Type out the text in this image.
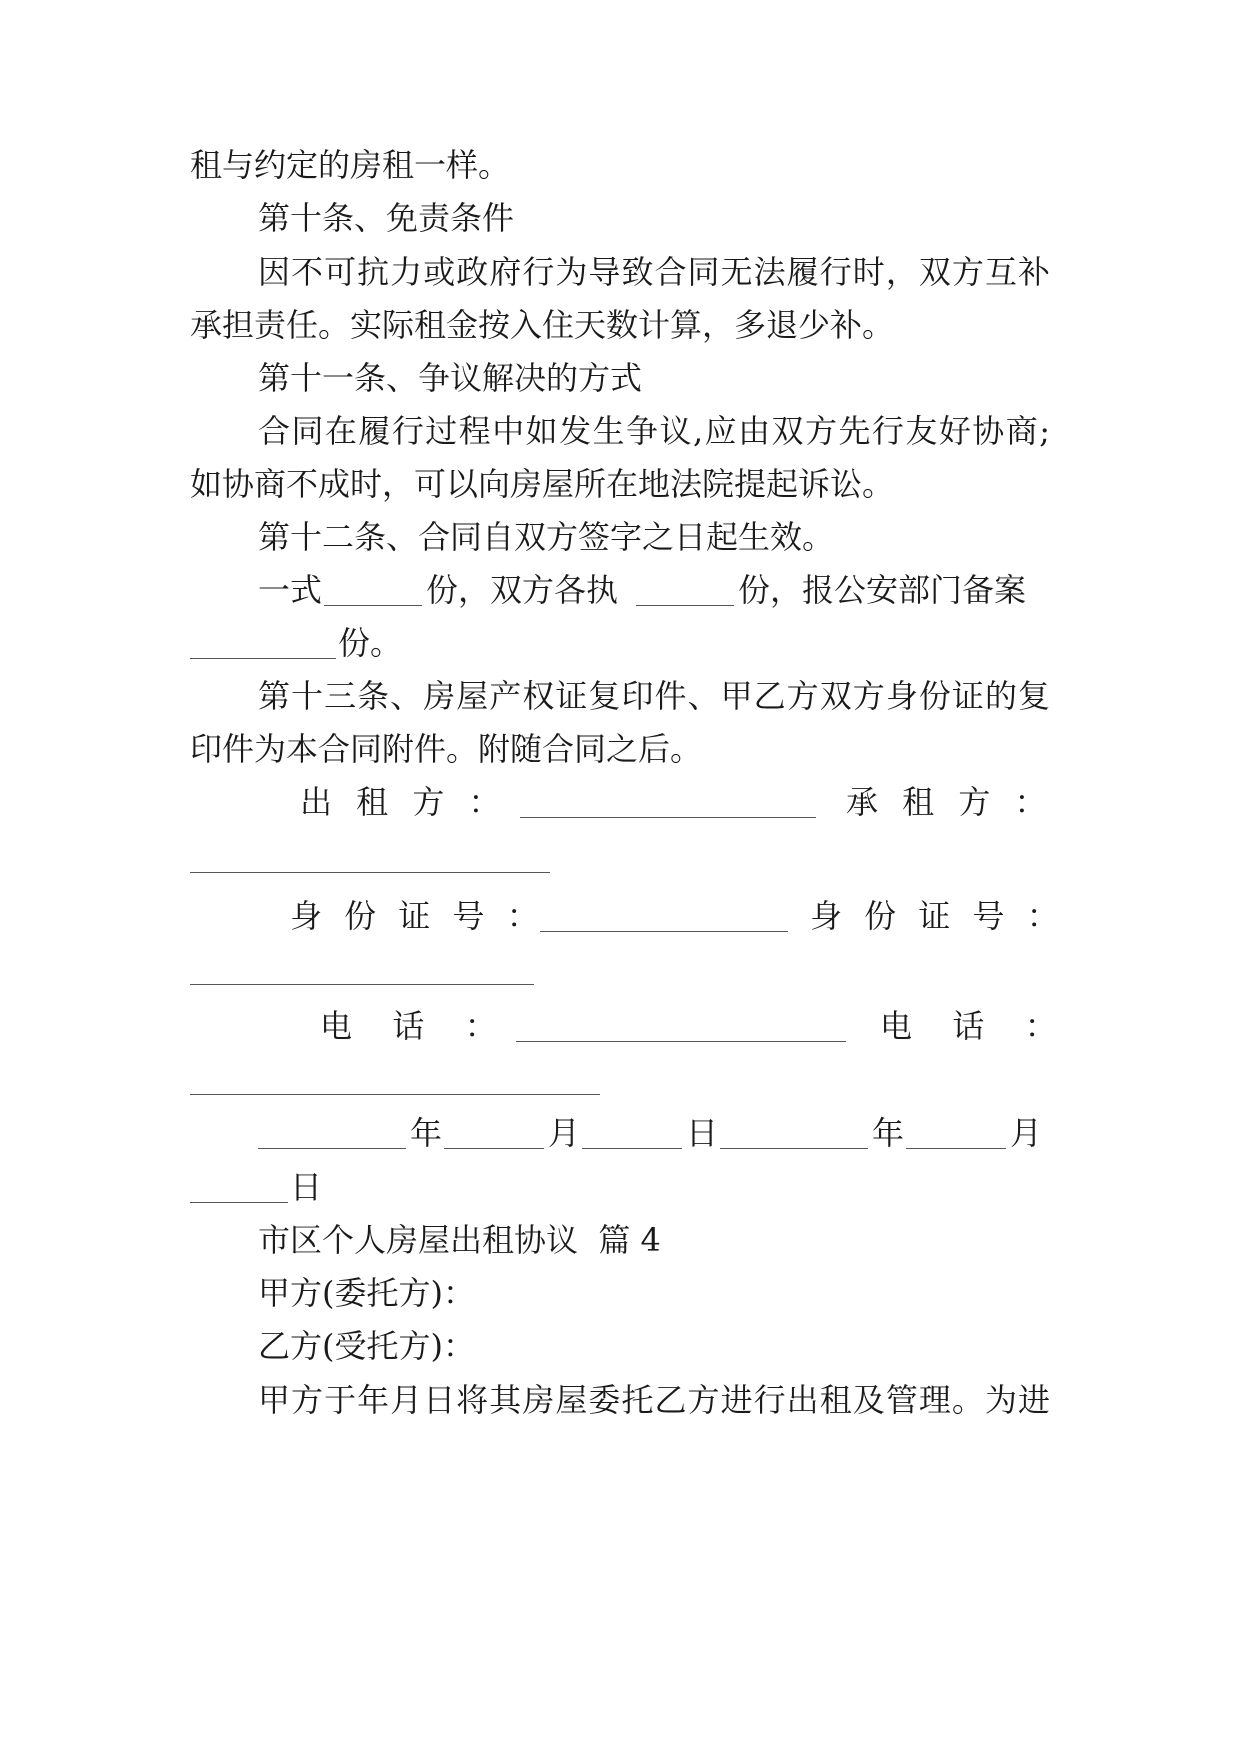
租与约定的房租一样。
第十条、免责条件
因不可抗力或政府行为导致合同无法履行时，双方互补
承担责任。实际租金按入住天数计算，多退少补。
第十一条、争议解决的方式
合同在履行过程中如发生争议,应由双方先行友好协商;
如协商不成时，可以向房屋所在地法院提起诉讼。
第十二条、合同自双方签字之日起生效。
一式	份，双方各执	份，报公安部门备案
份。
第十三条、房屋产权证复印件、甲乙方双方身份证的复
印件为本合同附件。附随合同之后。
出 租 方 ：	承 租 方 ：
身 份 证 号 ：	身 份 证 号 ：
电  话  ：	电  话  ：
年	月	日	年	月
日
市区个人房屋出租协议  篇 4
甲方(委托方)：
乙方(受托方)：
甲方于年月日将其房屋委托乙方进行出租及管理。为进
